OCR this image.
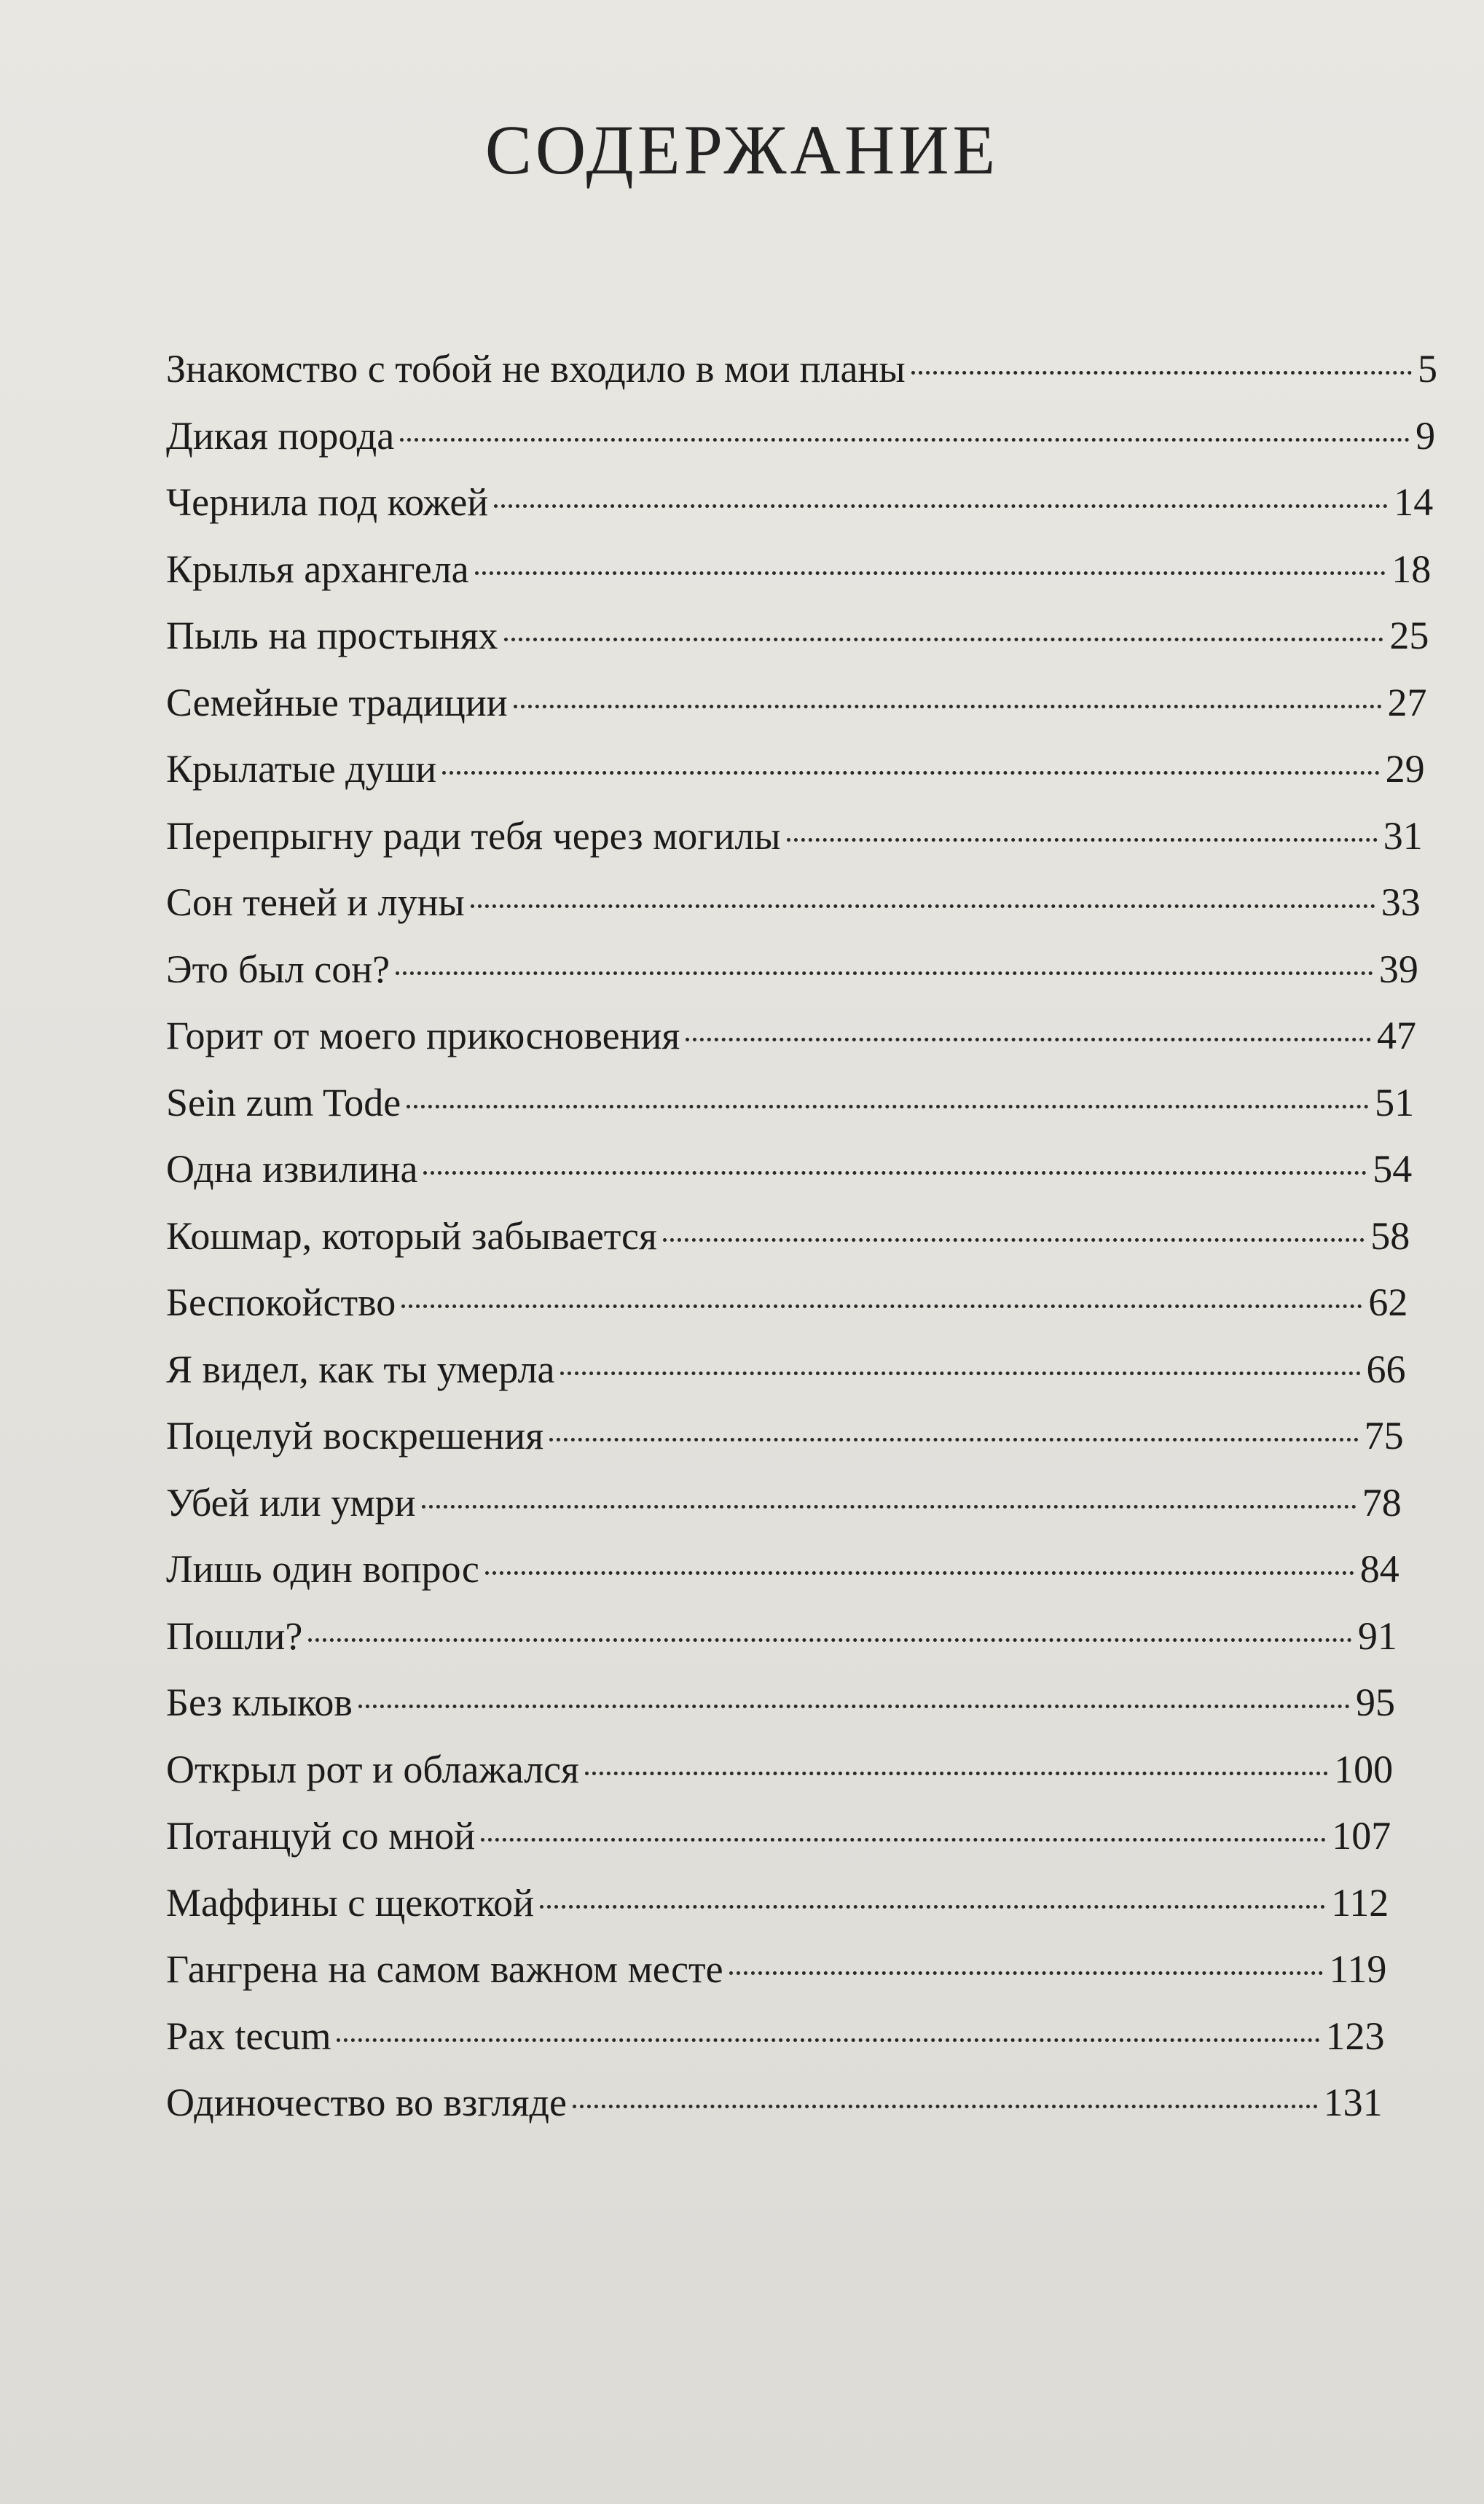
СОДЕРЖАНИЕ
Знакомство с тобой не входило в мои планы	5
Дикая порода	9
Чернила под кожей	14
Крылья архангела	18
Пыль на простынях	25
Семейные традиции	27
Крылатые души	29
Перепрыгну ради тебя через могилы	31
Сон теней и луны	33
Это был сон?	39
Горит от моего прикосновения	47
Sein zum Tode	51
Одна извилина	54
Кошмар, который забывается	58
Беспокойство	62
Я видел, как ты умерла	66
Поцелуй воскрешения	75
Убей или умри	78
Лишь один вопрос	84
Пошли?	91
Без клыков	95
Открыл рот и облажался	100
Потанцуй со мной	107
Маффины с щекоткой	112
Гангрена на самом важном месте	119
Pax tecum	123
Одиночество во взгляде	131
